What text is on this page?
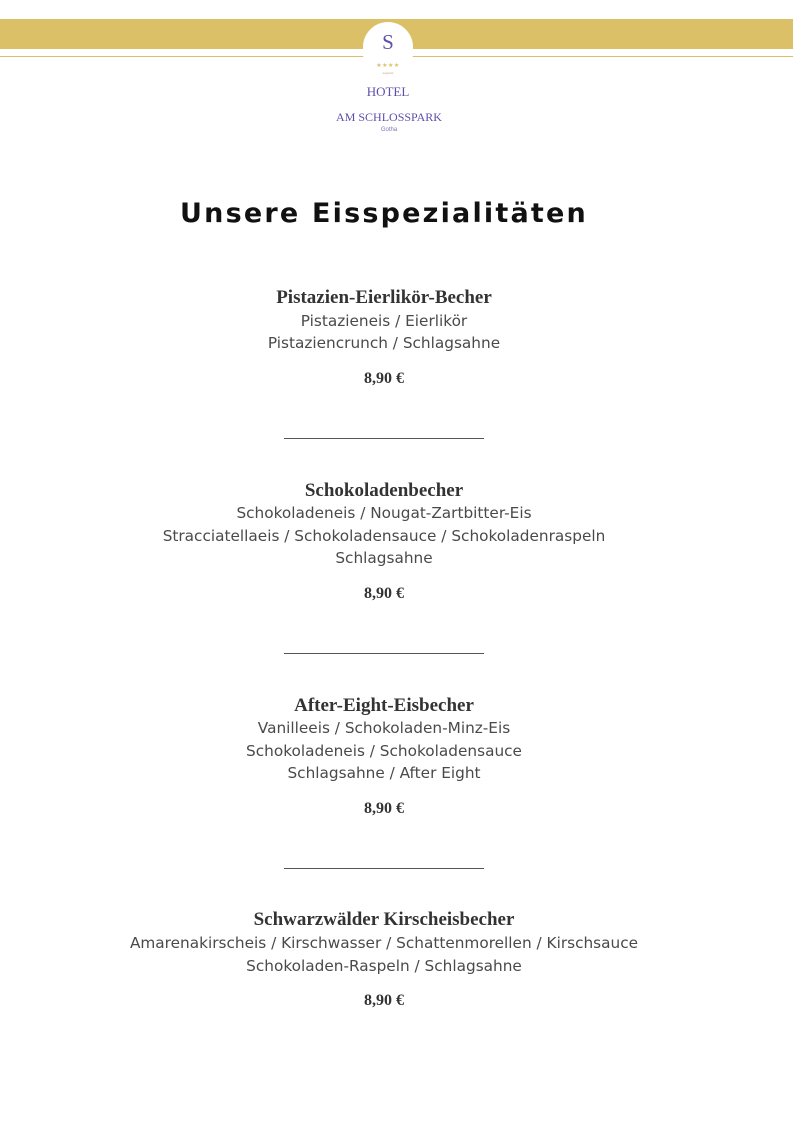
S
★★★★
superior
HOTEL
AM SCHLOSSPARK
Gotha
Unsere Eisspezialitäten
Pistazien-Eierlikör-Becher
Pistazieneis / Eierlikör
Pistaziencrunch / Schlagsahne
8,90 €
Schokoladenbecher
Schokoladeneis / Nougat-Zartbitter-Eis
Stracciatellaeis / Schokoladensauce / Schokoladenraspeln
Schlagsahne
8,90 €
After-Eight-Eisbecher
Vanilleeis / Schokoladen-Minz-Eis
Schokoladeneis / Schokoladensauce
Schlagsahne / After Eight
8,90 €
Schwarzwälder Kirscheisbecher
Amarenakirscheis / Kirschwasser / Schattenmorellen / Kirschsauce
Schokoladen-Raspeln / Schlagsahne
8,90 €
